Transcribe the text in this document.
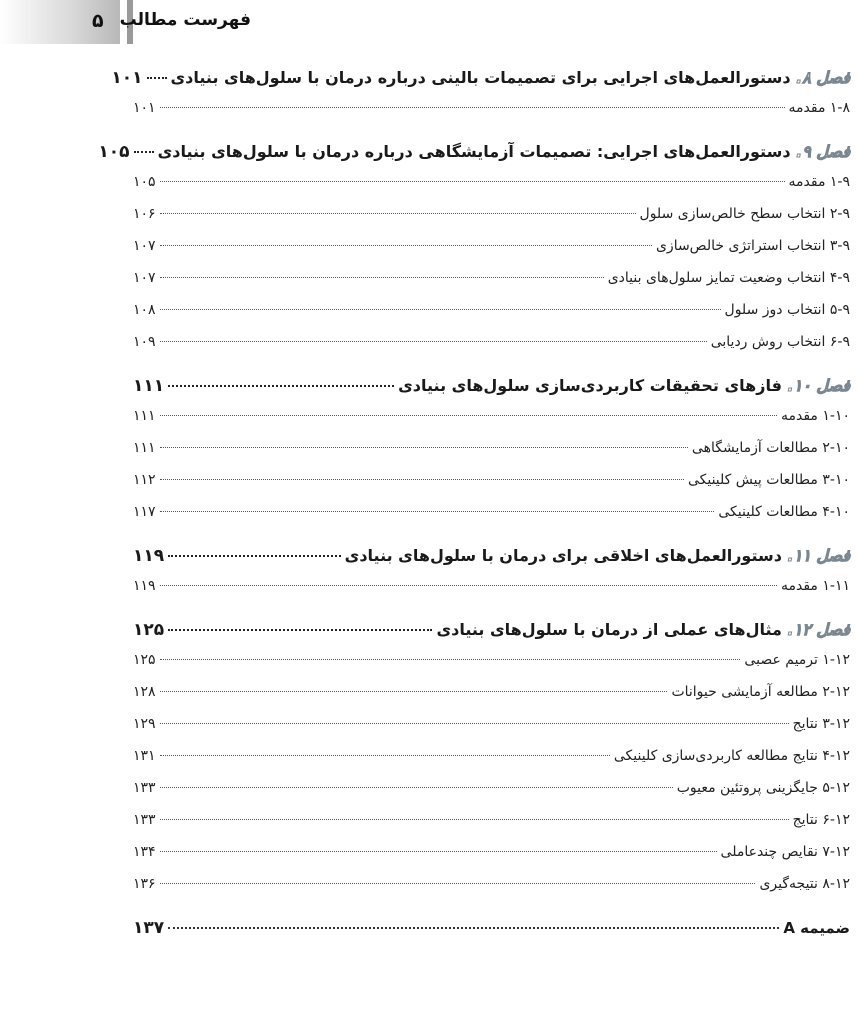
۵ فهرست مطالب
فصل ۸. دستورالعمل‌های اجرایی برای تصمیمات بالینی درباره درمان با سلول‌های بنیادی
۱۰۱
۱-۸ مقدمه
۱۰۱
فصل ۹. دستورالعمل‌های اجرایی: تصمیمات آزمایشگاهی درباره درمان با سلول‌های بنیادی
۱۰۵
۱-۹ مقدمه
۱۰۵
۲-۹ انتخاب سطح خالص‌سازی سلول
۱۰۶
۳-۹ انتخاب استراتژی خالص‌سازی
۱۰۷
۴-۹ انتخاب وضعیت تمایز سلول‌های بنیادی
۱۰۷
۵-۹ انتخاب دوز سلول
۱۰۸
۶-۹ انتخاب روش ردیابی
۱۰۹
فصل ۱۰. فازهای تحقیقات کاربردی‌سازی سلول‌های بنیادی
۱۱۱
۱-۱۰ مقدمه
۱۱۱
۲-۱۰ مطالعات آزمایشگاهی
۱۱۱
۳-۱۰ مطالعات پیش کلینیکی
۱۱۲
۴-۱۰ مطالعات کلینیکی
۱۱۷
فصل ۱۱. دستورالعمل‌های اخلاقی برای درمان با سلول‌های بنیادی
۱۱۹
۱-۱۱ مقدمه
۱۱۹
فصل ۱۲. مثال‌های عملی از درمان با سلول‌های بنیادی
۱۲۵
۱-۱۲ ترمیم عصبی
۱۲۵
۲-۱۲ مطالعه آزمایشی حیوانات
۱۲۸
۳-۱۲ نتایج
۱۲۹
۴-۱۲ نتایج مطالعه کاربردی‌سازی کلینیکی
۱۳۱
۵-۱۲ جایگزینی پروتئین معیوب
۱۳۳
۶-۱۲ نتایج
۱۳۳
۷-۱۲ نقایص چندعاملی
۱۳۴
۸-۱۲ نتیجه‌گیری
۱۳۶
ضمیمه A
۱۳۷
